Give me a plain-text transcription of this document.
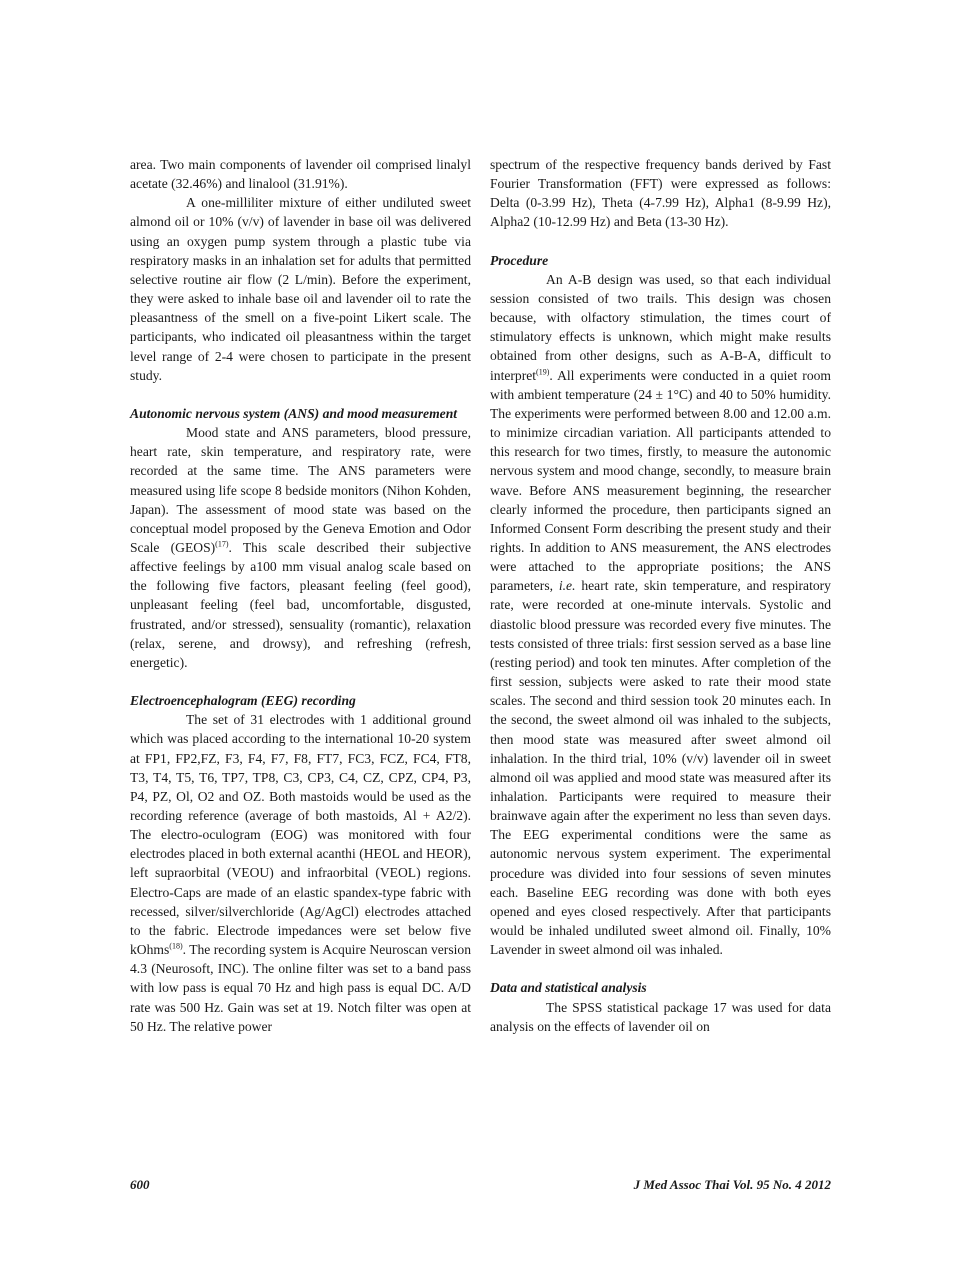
area. Two main components of lavender oil comprised linalyl acetate (32.46%) and linalool (31.91%).

A one-milliliter mixture of either undiluted sweet almond oil or 10% (v/v) of lavender in base oil was delivered using an oxygen pump system through a plastic tube via respiratory masks in an inhalation set for adults that permitted selective routine air flow (2 L/min). Before the experiment, they were asked to inhale base oil and lavender oil to rate the pleasantness of the smell on a five-point Likert scale. The participants, who indicated oil pleasantness within the target level range of 2-4 were chosen to participate in the present study.

Autonomic nervous system (ANS) and mood measurement

Mood state and ANS parameters, blood pressure, heart rate, skin temperature, and respiratory rate, were recorded at the same time. The ANS parameters were measured using life scope 8 bedside monitors (Nihon Kohden, Japan). The assessment of mood state was based on the conceptual model proposed by the Geneva Emotion and Odor Scale (GEOS)$^{(17)}$. This scale described their subjective affective feelings by a100 mm visual analog scale based on the following five factors, pleasant feeling (feel good), unpleasant feeling (feel bad, uncomfortable, disgusted, frustrated, and/or stressed), sensuality (romantic), relaxation (relax, serene, and drowsy), and refreshing (refresh, energetic).

Electroencephalogram (EEG) recording

The set of 31 electrodes with 1 additional ground which was placed according to the international 10-20 system at FP1, FP2,FZ, F3, F4, F7, F8, FT7, FC3, FCZ, FC4, FT8, T3, T4, T5, T6, TP7, TP8, C3, CP3, C4, CZ, CPZ, CP4, P3, P4, PZ, Ol, O2 and OZ. Both mastoids would be used as the recording reference (average of both mastoids, Al + A2/2). The electro-oculogram (EOG) was monitored with four electrodes placed in both external acanthi (HEOL and HEOR), left supraorbital (VEOU) and infraorbital (VEOL) regions. Electro-Caps are made of an elastic spandex-type fabric with recessed, silver/silverchloride (Ag/AgCl) electrodes attached to the fabric. Electrode impedances were set below five kOhms$^{(18)}$. The recording system is Acquire Neuroscan version 4.3 (Neurosoft, INC). The online filter was set to a band pass with low pass is equal 70 Hz and high pass is equal DC. A/D rate was 500 Hz. Gain was set at 19. Notch filter was open at 50 Hz. The relative power

spectrum of the respective frequency bands derived by Fast Fourier Transformation (FFT) were expressed as follows: Delta (0-3.99 Hz), Theta (4-7.99 Hz), Alpha1 (8-9.99 Hz), Alpha2 (10-12.99 Hz) and Beta (13-30 Hz).

Procedure

An A-B design was used, so that each individual session consisted of two trails. This design was chosen because, with olfactory stimulation, the times court of stimulatory effects is unknown, which might make results obtained from other designs, such as A-B-A, difficult to interpret$^{(19)}$. All experiments were conducted in a quiet room with ambient temperature (24 ± 1°C) and 40 to 50% humidity. The experiments were performed between 8.00 and 12.00 a.m. to minimize circadian variation. All participants attended to this research for two times, firstly, to measure the autonomic nervous system and mood change, secondly, to measure brain wave. Before ANS measurement beginning, the researcher clearly informed the procedure, then participants signed an Informed Consent Form describing the present study and their rights. In addition to ANS measurement, the ANS electrodes were attached to the appropriate positions; the ANS parameters, i.e. heart rate, skin temperature, and respiratory rate, were recorded at one-minute intervals. Systolic and diastolic blood pressure was recorded every five minutes. The tests consisted of three trials: first session served as a base line (resting period) and took ten minutes. After completion of the first session, subjects were asked to rate their mood state scales. The second and third session took 20 minutes each. In the second, the sweet almond oil was inhaled to the subjects, then mood state was measured after sweet almond oil inhalation. In the third trial, 10% (v/v) lavender oil in sweet almond oil was applied and mood state was measured after its inhalation. Participants were required to measure their brainwave again after the experiment no less than seven days. The EEG experimental conditions were the same as autonomic nervous system experiment. The experimental procedure was divided into four sessions of seven minutes each. Baseline EEG recording was done with both eyes opened and eyes closed respectively. After that participants would be inhaled undiluted sweet almond oil. Finally, 10% Lavender in sweet almond oil was inhaled.

Data and statistical analysis

The SPSS statistical package 17 was used for data analysis on the effects of lavender oil on

600	J Med Assoc Thai Vol. 95 No. 4 2012
